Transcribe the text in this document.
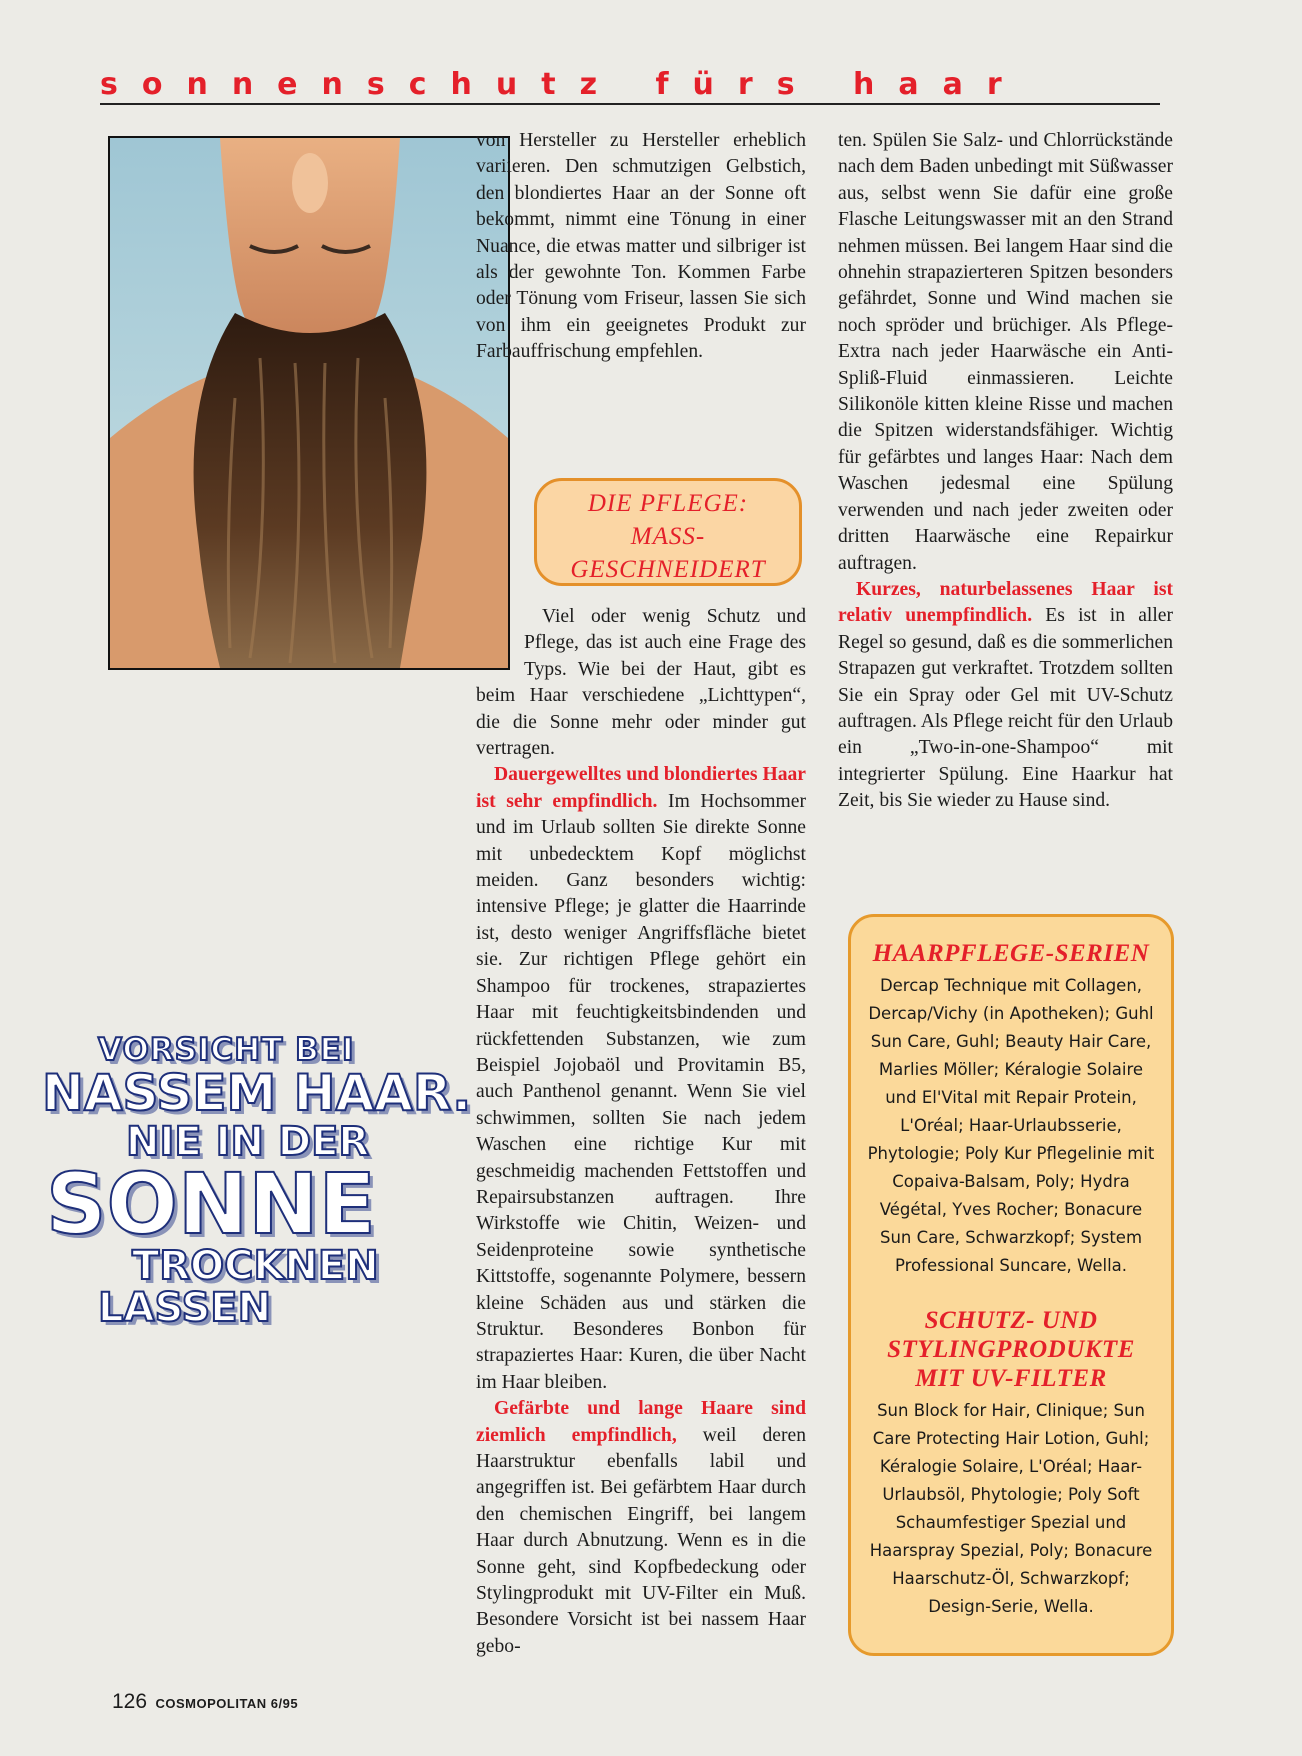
sonnenschutz fürs haar

von Hersteller zu Hersteller erheblich variieren. Den schmutzigen Gelbstich, den blondiertes Haar an der Sonne oft bekommt, nimmt eine Tönung in einer Nuance, die etwas matter und silbriger ist als der gewohnte Ton. Kommen Farbe oder Tönung vom Friseur, lassen Sie sich von ihm ein geeignetes Produkt zur Farbauffrischung empfehlen.

DIE PFLEGE:
MASS-
GESCHNEIDERT

Viel oder wenig Schutz und Pflege, das ist auch eine Frage des Typs. Wie bei der Haut, gibt es beim Haar verschiedene „Lichttypen“, die die Sonne mehr oder minder gut vertragen.

Dauergewelltes und blondiertes Haar ist sehr empfindlich. Im Hochsommer und im Urlaub sollten Sie direkte Sonne mit unbedecktem Kopf möglichst meiden. Ganz besonders wichtig: intensive Pflege; je glatter die Haarrinde ist, desto weniger Angriffsfläche bietet sie. Zur richtigen Pflege gehört ein Shampoo für trockenes, strapaziertes Haar mit feuchtigkeitsbindenden und rückfettenden Substanzen, wie zum Beispiel Jojobaöl und Provitamin B5, auch Panthenol genannt. Wenn Sie viel schwimmen, sollten Sie nach jedem Waschen eine richtige Kur mit geschmeidig machenden Fettstoffen und Repairsubstanzen auftragen. Ihre Wirkstoffe wie Chitin, Weizen- und Seidenproteine sowie synthetische Kittstoffe, sogenannte Polymere, bessern kleine Schäden aus und stärken die Struktur. Besonderes Bonbon für strapaziertes Haar: Kuren, die über Nacht im Haar bleiben.

Gefärbte und lange Haare sind ziemlich empfindlich, weil deren Haarstruktur ebenfalls labil und angegriffen ist. Bei gefärbtem Haar durch den chemischen Eingriff, bei langem Haar durch Abnutzung. Wenn es in die Sonne geht, sind Kopfbedeckung oder Stylingprodukt mit UV-Filter ein Muß. Besondere Vorsicht ist bei nassem Haar gebo-

ten. Spülen Sie Salz- und Chlorrückstände nach dem Baden unbedingt mit Süßwasser aus, selbst wenn Sie dafür eine große Flasche Leitungswasser mit an den Strand nehmen müssen. Bei langem Haar sind die ohnehin strapazierteren Spitzen besonders gefährdet, Sonne und Wind machen sie noch spröder und brüchiger. Als Pflege-Extra nach jeder Haarwäsche ein Anti-Spliß-Fluid einmassieren. Leichte Silikonöle kitten kleine Risse und machen die Spitzen widerstandsfähiger. Wichtig für gefärbtes und langes Haar: Nach dem Waschen jedesmal eine Spülung verwenden und nach jeder zweiten oder dritten Haarwäsche eine Repairkur auftragen.

Kurzes, naturbelassenes Haar ist relativ unempfindlich. Es ist in aller Regel so gesund, daß es die sommerlichen Strapazen gut verkraftet. Trotzdem sollten Sie ein Spray oder Gel mit UV-Schutz auftragen. Als Pflege reicht für den Urlaub ein „Two-in-one-Shampoo“ mit integrierter Spülung. Eine Haarkur hat Zeit, bis Sie wieder zu Hause sind.

VORSICHT BEI
NASSEM HAAR.
NIE IN DER
SONNE
TROCKNEN
LASSEN
HAARPFLEGE-SERIEN
Dercap Technique mit Collagen, Dercap/Vichy (in Apotheken); Guhl Sun Care, Guhl; Beauty Hair Care, Marlies Möller; Kéralogie Solaire und El'Vital mit Repair Protein, L'Oréal; Haar-Urlaubsserie, Phytologie; Poly Kur Pflegelinie mit Copaiva-Balsam, Poly; Hydra Végétal, Yves Rocher; Bonacure Sun Care, Schwarzkopf; System Professional Suncare, Wella.
SCHUTZ- UND STYLINGPRODUKTE MIT UV-FILTER
Sun Block for Hair, Clinique; Sun Care Protecting Hair Lotion, Guhl; Kéralogie Solaire, L'Oréal; Haar-Urlaubsöl, Phytologie; Poly Soft Schaumfestiger Spezial und Haarspray Spezial, Poly; Bonacure Haarschutz-Öl, Schwarzkopf; Design-Serie, Wella.
126 COSMOPOLITAN 6/95
